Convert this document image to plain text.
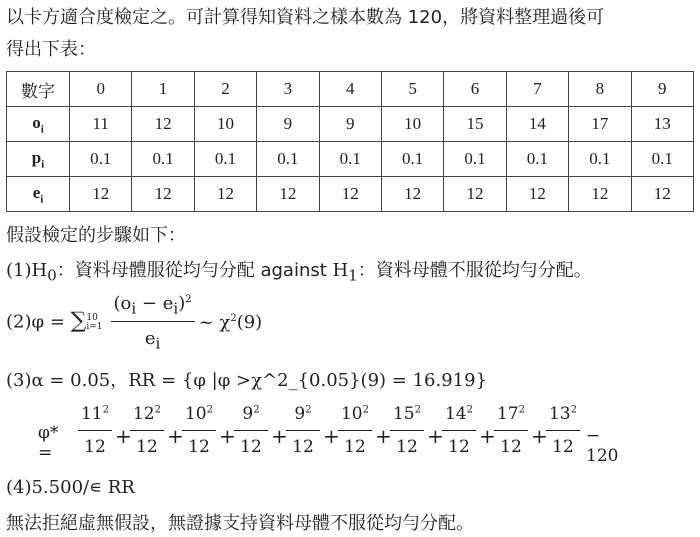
以卡方適合度檢定之。可計算得知資料之樣本數為 120，將資料整理過後可
得出下表：
數字	0	1	2	3	4	5	6	7	8	9
$o_i$	11	12	10	9	9	10	15	14	17	13
$p_i$	0.1	0.1	0.1	0.1	0.1	0.1	0.1	0.1	0.1	0.1
$e_i$	12	12	12	12	12	12	12	12	12	12
假設檢定的步驟如下：
$(1)H_0$：資料母體服從均勻分配 against $H_1$：資料母體不服從均勻分配。
(2)φ = ∑ 10
$i=1 \frac{(o_i - e_i)^2}{e_i}$ ~ $\chi^2(9)$
(3)α = 0.05，RR = {φ |φ >χ^2_{0.05}(9) = 16.919}
φ* =	$\frac{11^2}{12}$ +
$\frac{12^2}{12}$ +
$\frac{10^2}{12}$ +
$\frac{9^2}{12}$ +
$\frac{9^2}{12}$ +
$\frac{10^2}{12}$ +
$\frac{15^2}{12}$ +
$\frac{14^2}{12}$ +
$\frac{17^2}{12}$ +
$\frac{13^2}{12} - 120$
(4)5.500/∊ RR
無法拒絕虛無假設，無證據支持資料母體不服從均勻分配。
